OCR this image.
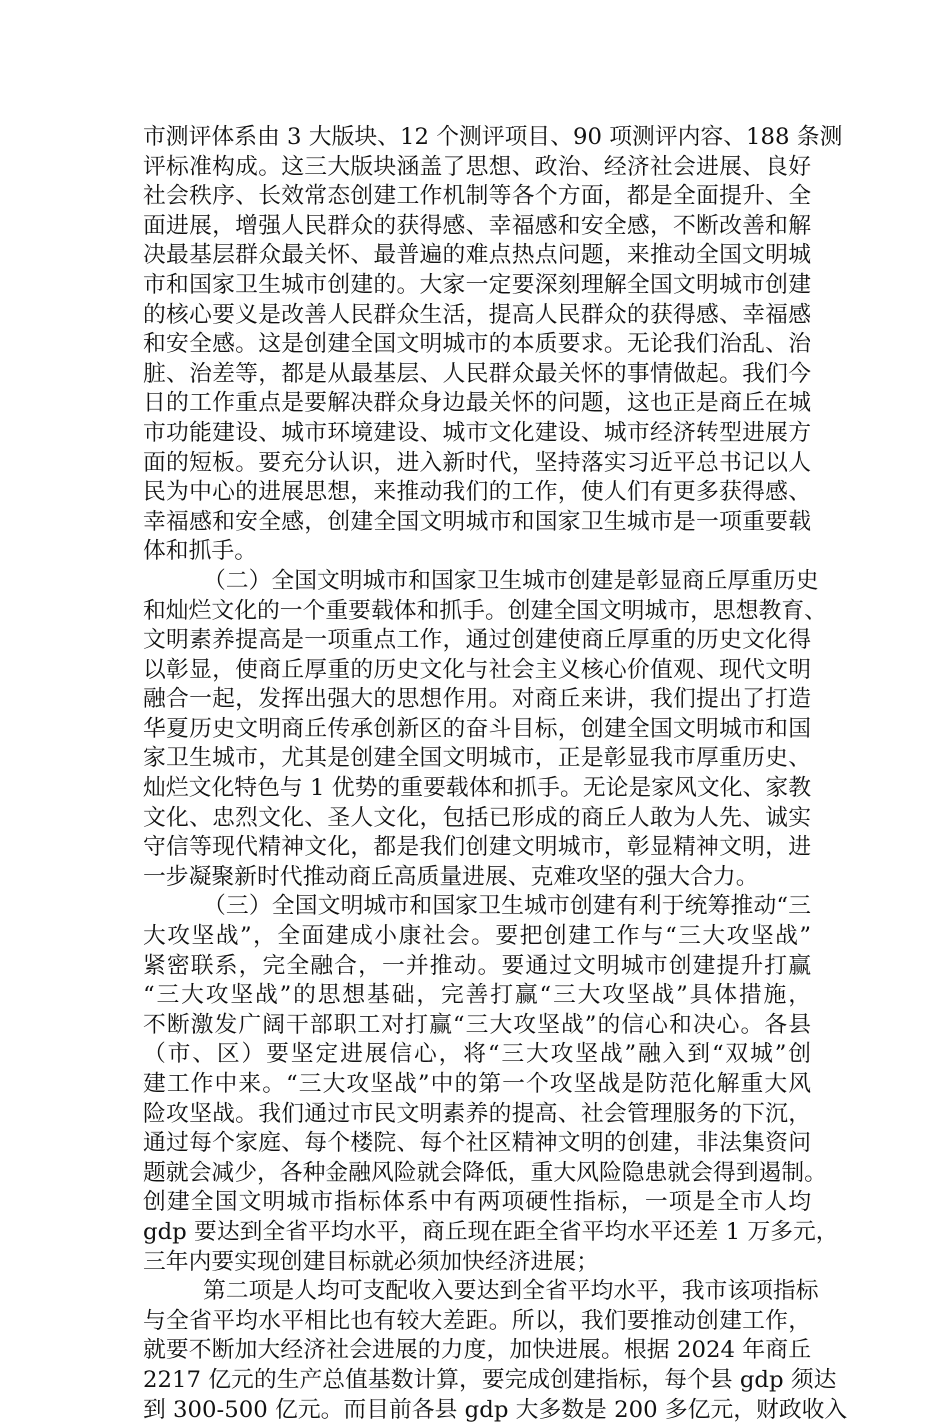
市测评体系由 3 大版块、12 个测评项目、90 项测评内容、188 条测
评标准构成。这三大版块涵盖了思想、政治、经济社会进展、良好
社会秩序、长效常态创建工作机制等各个方面，都是全面提升、全
面进展，增强人民群众的获得感、幸福感和安全感，不断改善和解
决最基层群众最关怀、最普遍的难点热点问题，来推动全国文明城
市和国家卫生城市创建的。大家一定要深刻理解全国文明城市创建
的核心要义是改善人民群众生活，提高人民群众的获得感、幸福感
和安全感。这是创建全国文明城市的本质要求。无论我们治乱、治
脏、治差等，都是从最基层、人民群众最关怀的事情做起。我们今
日的工作重点是要解决群众身边最关怀的问题，这也正是商丘在城
市功能建设、城市环境建设、城市文化建设、城市经济转型进展方
面的短板。要充分认识，进入新时代，坚持落实习近平总书记以人
民为中心的进展思想，来推动我们的工作，使人们有更多获得感、
幸福感和安全感，创建全国文明城市和国家卫生城市是一项重要载
体和抓手。
（二）全国文明城市和国家卫生城市创建是彰显商丘厚重历史
和灿烂文化的一个重要载体和抓手。创建全国文明城市，思想教育、
文明素养提高是一项重点工作，通过创建使商丘厚重的历史文化得
以彰显，使商丘厚重的历史文化与社会主义核心价值观、现代文明
融合一起，发挥出强大的思想作用。对商丘来讲，我们提出了打造
华夏历史文明商丘传承创新区的奋斗目标，创建全国文明城市和国
家卫生城市，尤其是创建全国文明城市，正是彰显我市厚重历史、
灿烂文化特色与 1 优势的重要载体和抓手。无论是家风文化、家教
文化、忠烈文化、圣人文化，包括已形成的商丘人敢为人先、诚实
守信等现代精神文化，都是我们创建文明城市，彰显精神文明，进
一步凝聚新时代推动商丘高质量进展、克难攻坚的强大合力。
（三）全国文明城市和国家卫生城市创建有利于统筹推动“三
大攻坚战”，全面建成小康社会。要把创建工作与“三大攻坚战”
紧密联系，完全融合，一并推动。要通过文明城市创建提升打赢
“三大攻坚战”的思想基础，完善打赢“三大攻坚战”具体措施，
不断激发广阔干部职工对打赢“三大攻坚战”的信心和决心。各县
（市、区）要坚定进展信心，将“三大攻坚战”融入到“双城”创
建工作中来。“三大攻坚战”中的第一个攻坚战是防范化解重大风
险攻坚战。我们通过市民文明素养的提高、社会管理服务的下沉，
通过每个家庭、每个楼院、每个社区精神文明的创建，非法集资问
题就会减少，各种金融风险就会降低，重大风险隐患就会得到遏制。
创建全国文明城市指标体系中有两项硬性指标，一项是全市人均
gdp 要达到全省平均水平，商丘现在距全省平均水平还差 1 万多元，
三年内要实现创建目标就必须加快经济进展；
第二项是人均可支配收入要达到全省平均水平，我市该项指标
与全省平均水平相比也有较大差距。所以，我们要推动创建工作，
就要不断加大经济社会进展的力度，加快进展。根据 2024 年商丘
2217 亿元的生产总值基数计算，要完成创建指标，每个县 gdp 须达
到 300-500 亿元。而目前各县 gdp 大多数是 200 多亿元，财政收入
